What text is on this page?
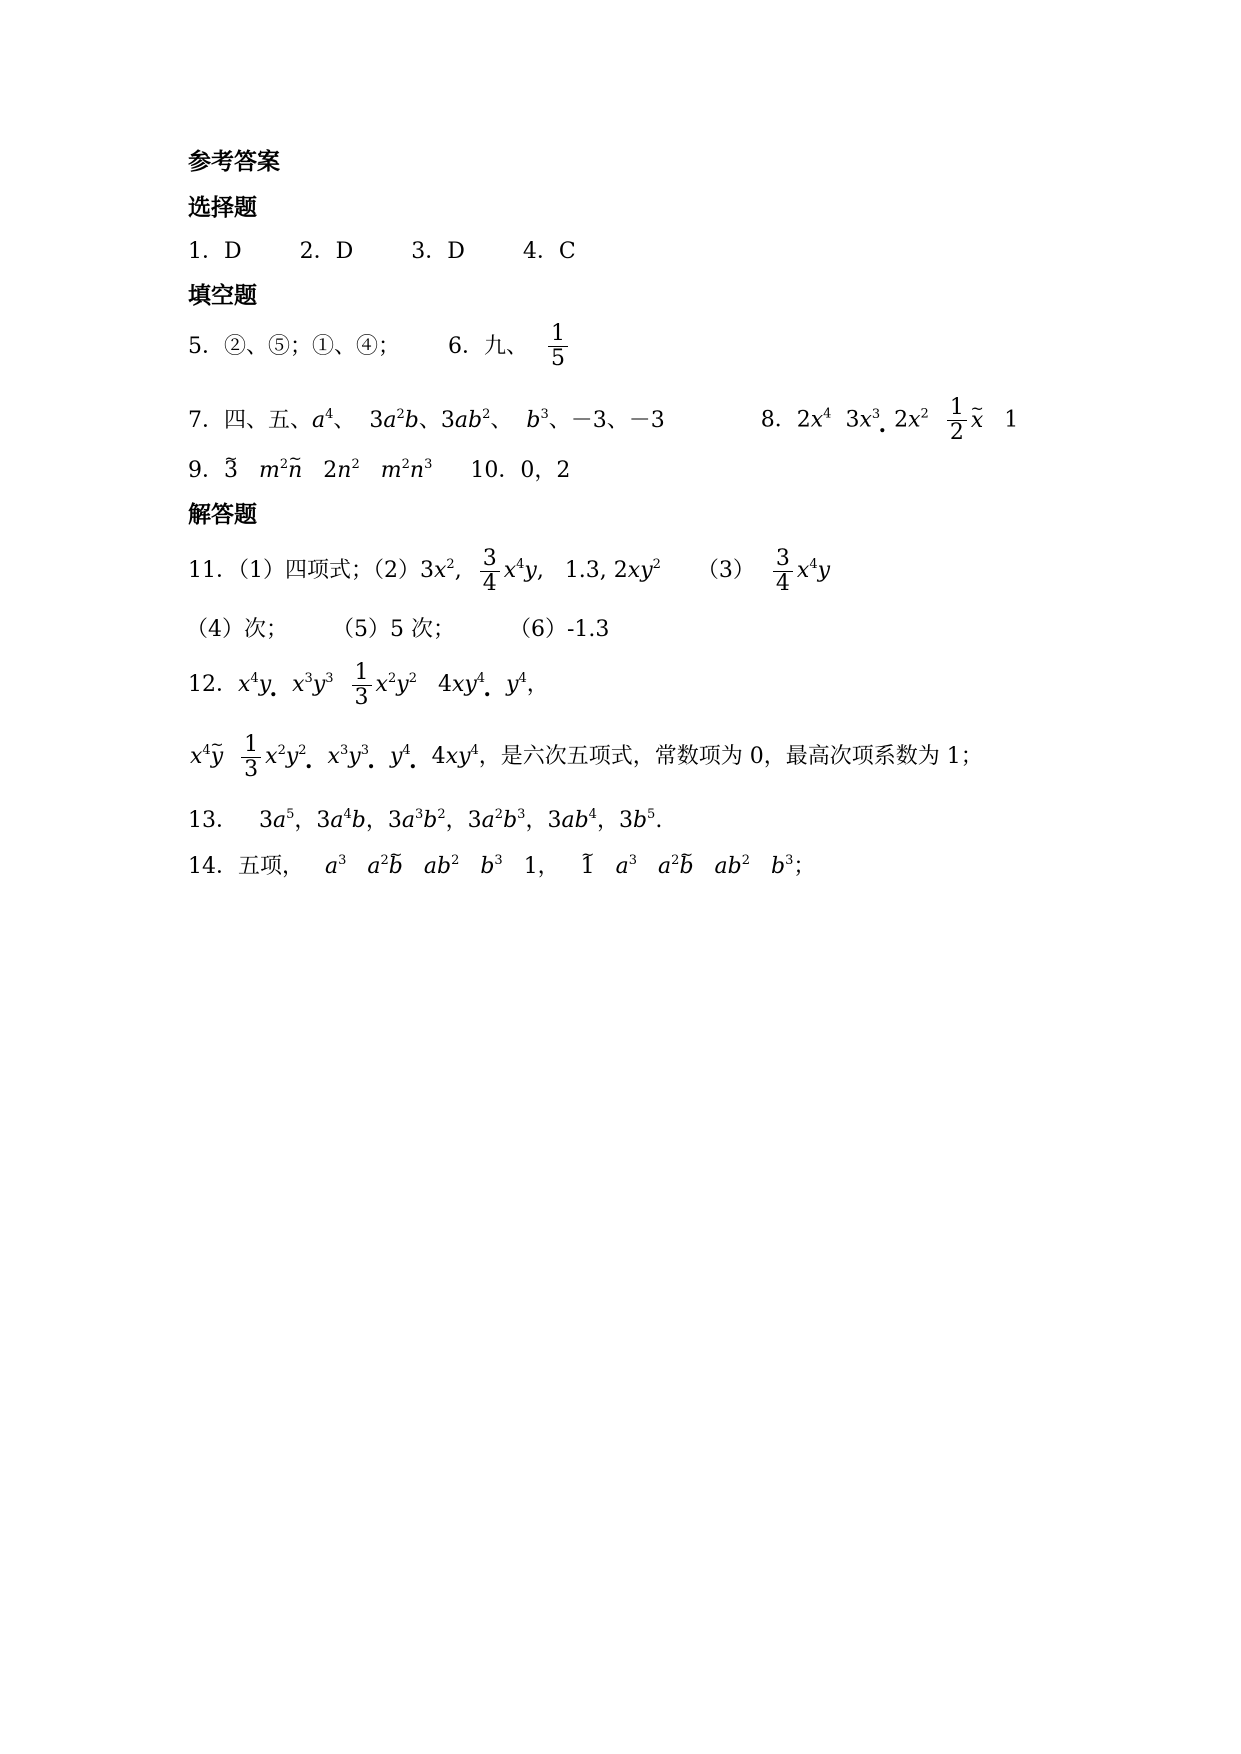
参考答案
选择题
1．D	2．D	3．D	4．C
填空题
5．②、⑤；①、④； 6．九、 $\frac{1}{5}$
7．四、五、$a^4$、  $3a^2b$、$3ab^2$、  $b^3$、－3、－3	8．$2x^4$  $3x^3$ .  $2x^2 \frac{1}{2}$ ~ x 1
9．~ 3 $m^2\sim$ n   $2n^2$ $m^2n^3$ 10．0，2
解答题
11．（1）四项式；$(2)3x^2$, $\frac{3}{4} x^4y$,   1.3, $2xy^2$ $(3) \frac{3}{4} x^4y$
（4）次； （5）5 次； （6）-1.3
12．$x^4y$ . $x^3y^3 \frac{1}{3} x^2y^2$   $4xy^4$ . $y^4$，
$x^4\sim$ y $\frac{1}{3} x^2y^2$ . $x^3y^3$ . $y^4$ .   $4xy^4$，是六次五项式，常数项为 0，最高次项系数为 1；
13．   $3a^5$，$3a^4b$，$3a^3b^2$，$3a^2b^3$，$3ab^4$，$3b^5$.
14．五项， $a^3$ $a^2\sim$ b $ab^2$ $b^3$ 1， ~ 1 $a^3$ $a^2\sim$ b $ab^2$ $b^3$；
